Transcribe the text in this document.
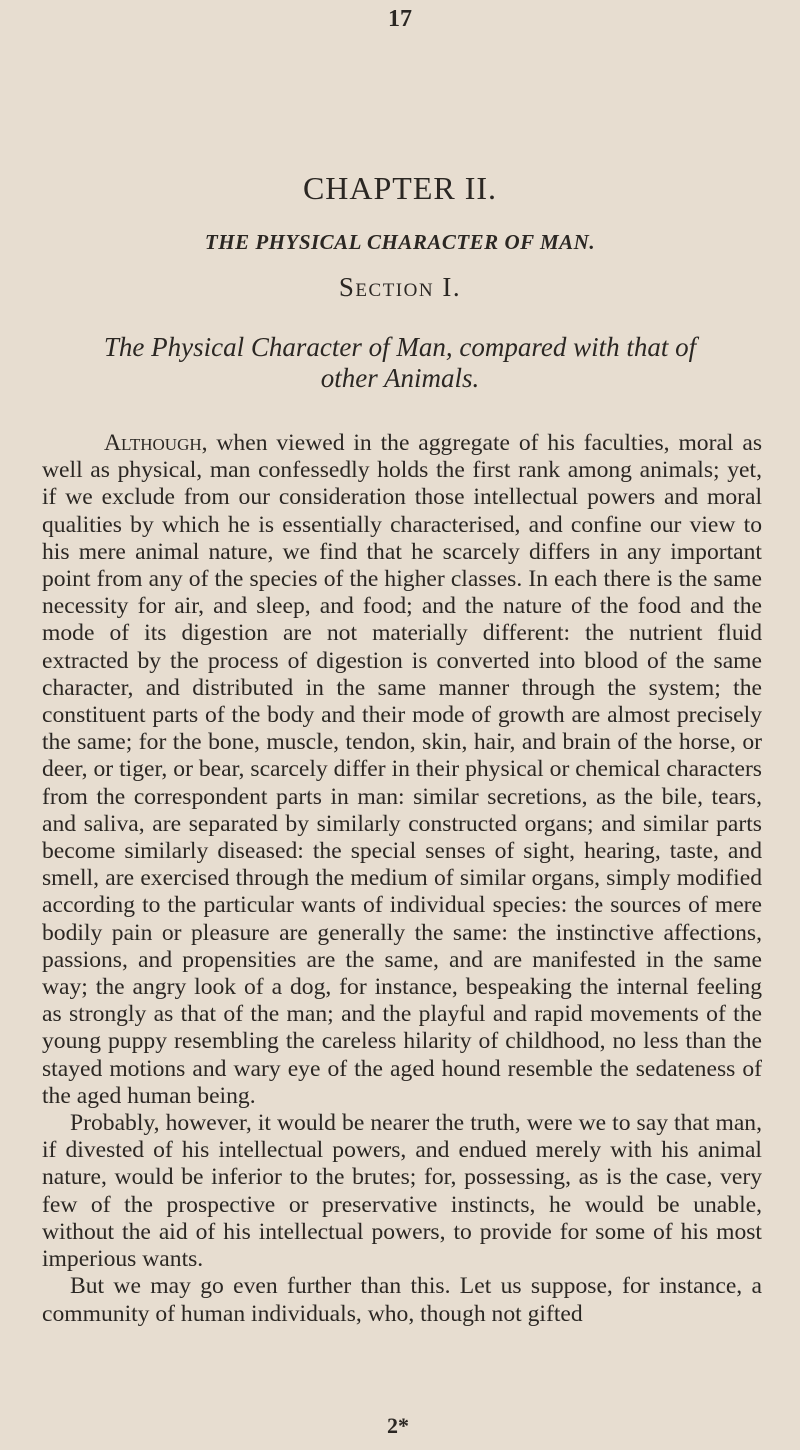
17
CHAPTER II.
THE PHYSICAL CHARACTER OF MAN.
Section I.
The Physical Character of Man, compared with that of other Animals.

Although, when viewed in the aggregate of his faculties, moral as well as physical, man confessedly holds the first rank among animals; yet, if we exclude from our consideration those intellectual powers and moral qualities by which he is essentially characterised, and confine our view to his mere animal nature, we find that he scarcely differs in any important point from any of the species of the higher classes. In each there is the same necessity for air, and sleep, and food; and the nature of the food and the mode of its digestion are not materially different: the nutrient fluid extracted by the process of digestion is converted into blood of the same character, and distributed in the same manner through the system; the constituent parts of the body and their mode of growth are almost precisely the same; for the bone, muscle, tendon, skin, hair, and brain of the horse, or deer, or tiger, or bear, scarcely differ in their physical or chemical characters from the correspondent parts in man: similar secretions, as the bile, tears, and saliva, are separated by similarly constructed organs; and similar parts become similarly diseased: the special senses of sight, hearing, taste, and smell, are exercised through the medium of similar organs, simply modified according to the particular wants of individual species: the sources of mere bodily pain or pleasure are generally the same: the instinctive affections, passions, and propensities are the same, and are manifested in the same way; the angry look of a dog, for instance, bespeaking the internal feeling as strongly as that of the man; and the playful and rapid movements of the young puppy resembling the careless hilarity of childhood, no less than the stayed motions and wary eye of the aged hound resemble the sedateness of the aged human being.

Probably, however, it would be nearer the truth, were we to say that man, if divested of his intellectual powers, and endued merely with his animal nature, would be inferior to the brutes; for, possessing, as is the case, very few of the prospective or preservative instincts, he would be unable, without the aid of his intellectual powers, to provide for some of his most imperious wants.

But we may go even further than this. Let us suppose, for instance, a community of human individuals, who, though not gifted

2*
